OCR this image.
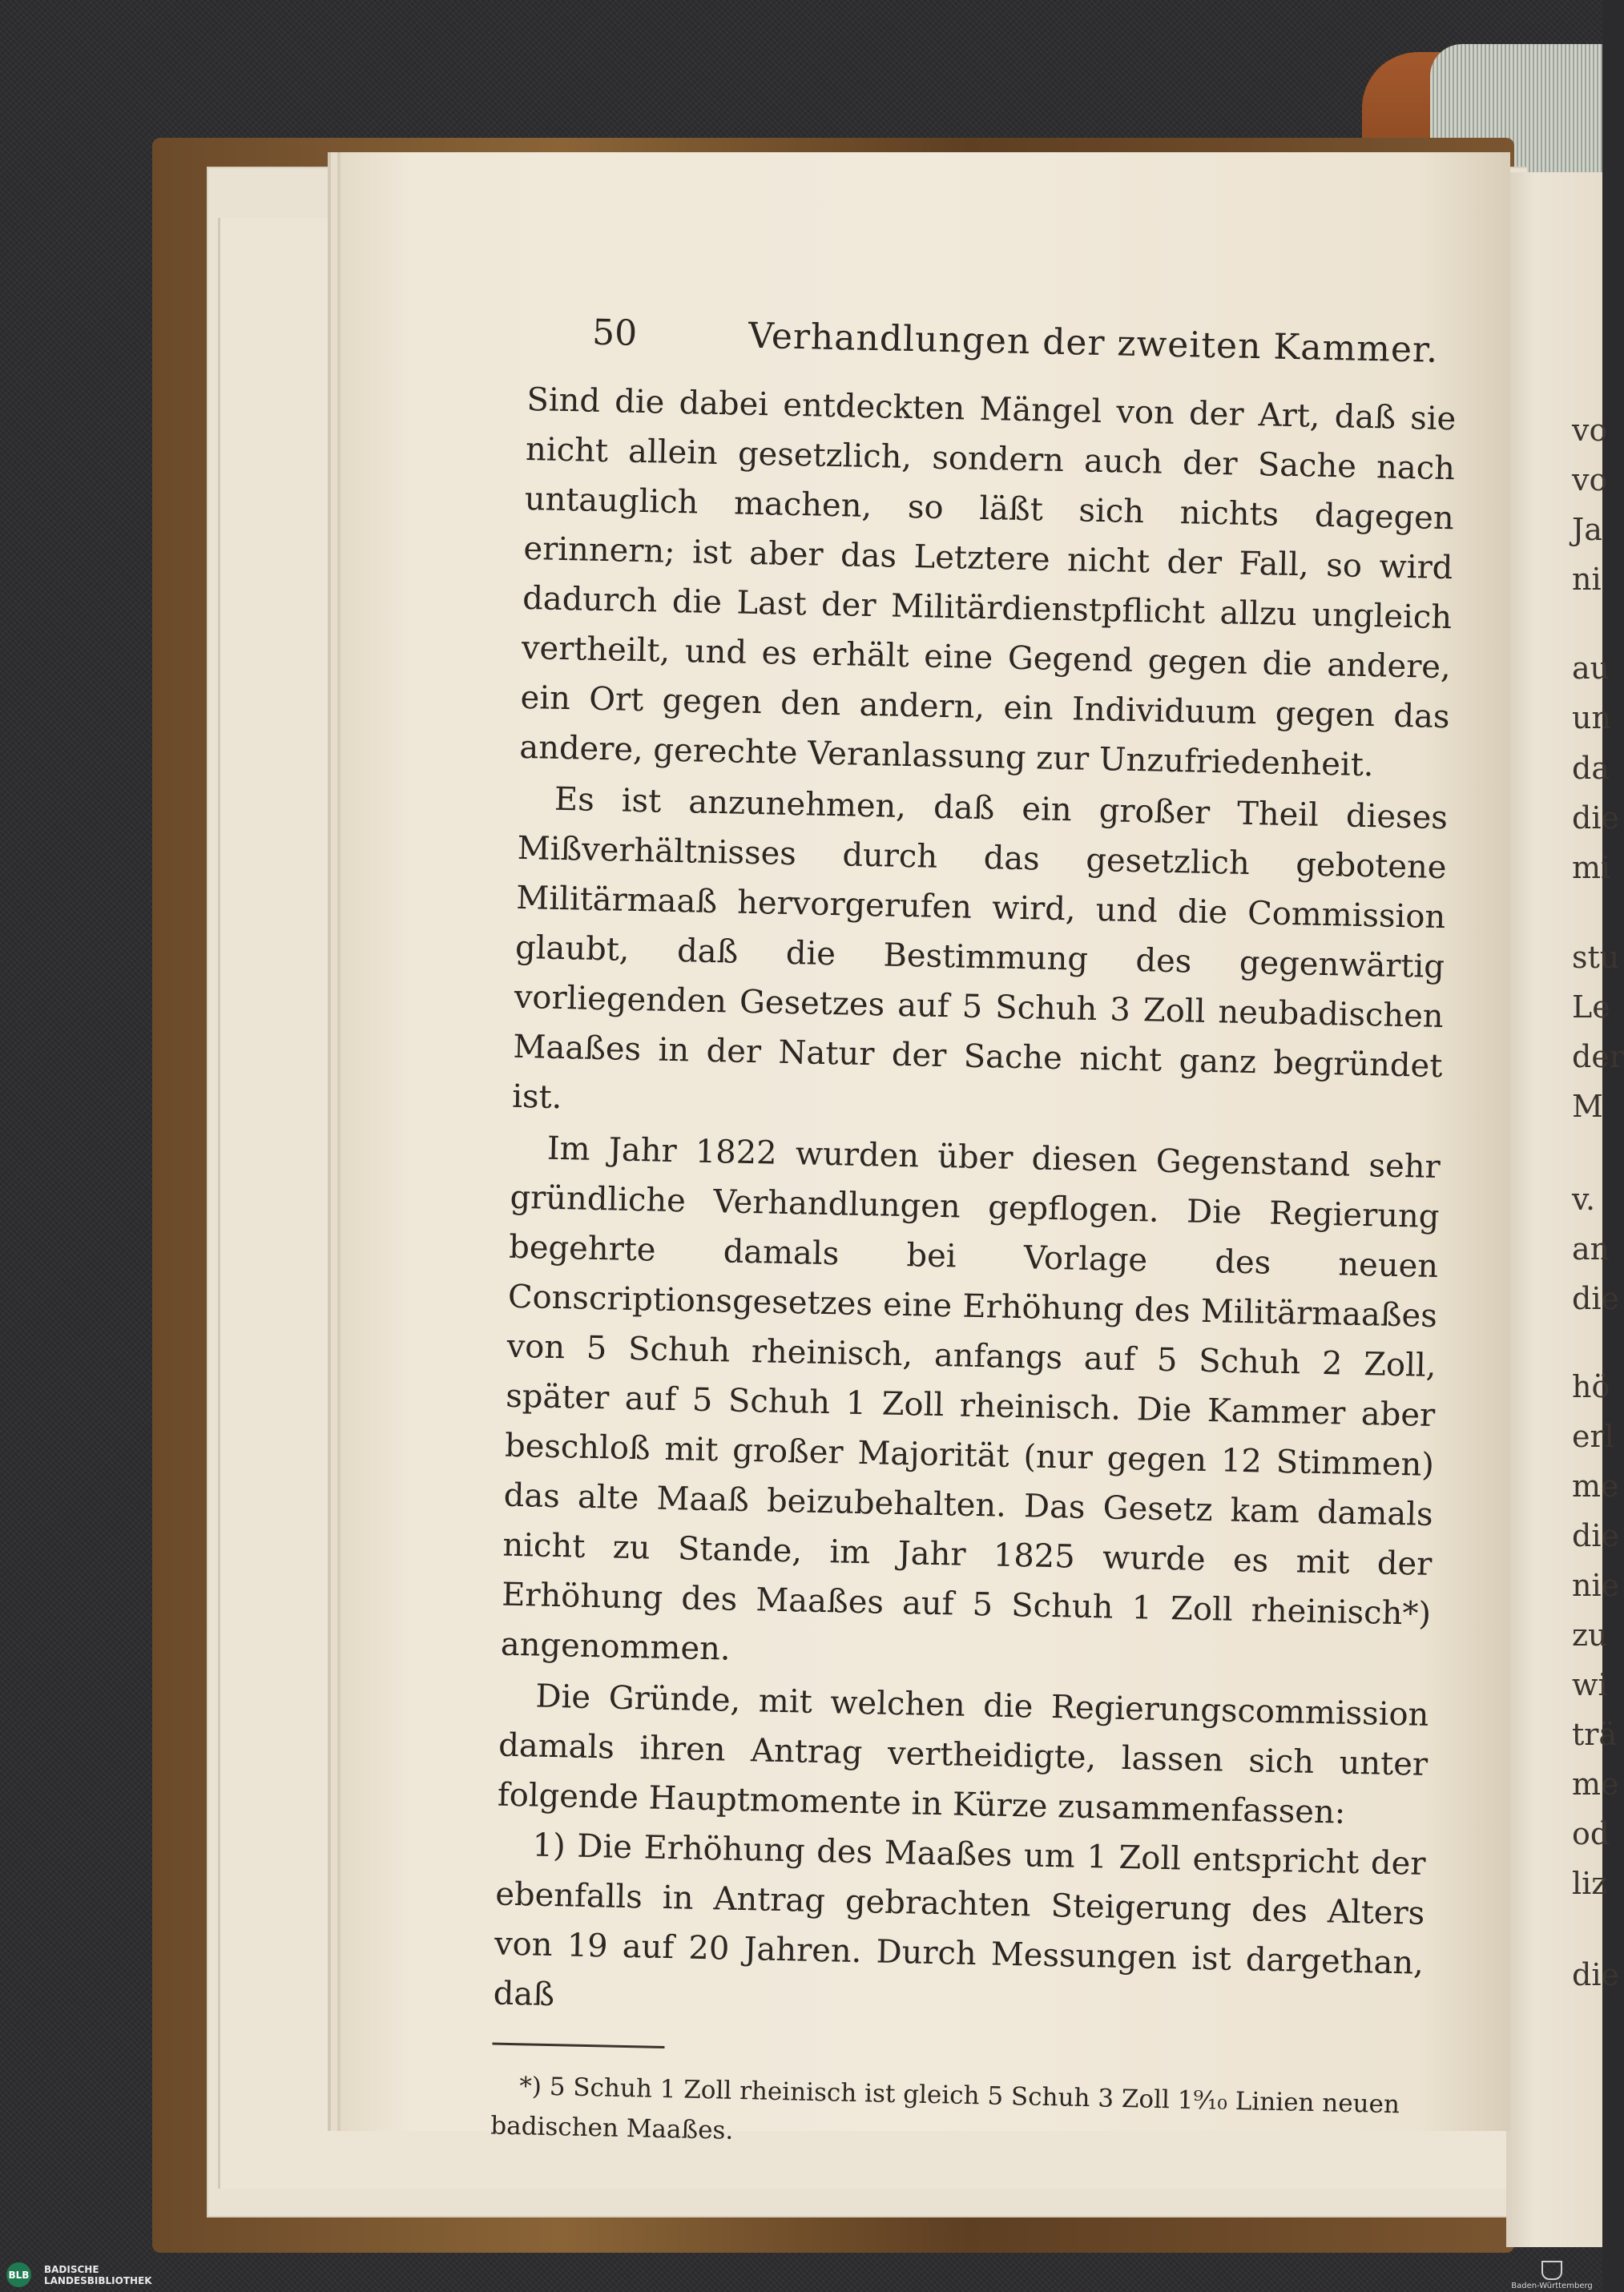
vo
vo
Ja
ni
au
un
da
die
mi
stu
Le
der
M
v.
an
die
hö
erl
me
die
nie
zu
wi
trä
me
od
liz
die
50	Verhandlungen der zweiten Kammer.

Sind die dabei entdeckten Mängel von der Art, daß sie nicht allein gesetzlich, sondern auch der Sache nach untauglich machen, so läßt sich nichts dagegen erinnern; ist aber das Letztere nicht der Fall, so wird dadurch die Last der Militärdienstpflicht allzu ungleich vertheilt, und es erhält eine Gegend gegen die andere, ein Ort gegen den andern, ein Individuum gegen das andere, gerechte Veranlassung zur Unzufriedenheit.

Es ist anzunehmen, daß ein großer Theil dieses Mißverhältnisses durch das gesetzlich gebotene Militärmaaß hervorgerufen wird, und die Commission glaubt, daß die Bestimmung des gegenwärtig vorliegenden Gesetzes auf 5 Schuh 3 Zoll neubadischen Maaßes in der Natur der Sache nicht ganz begründet ist.

Im Jahr 1822 wurden über diesen Gegenstand sehr gründliche Verhandlungen gepflogen. Die Regierung begehrte damals bei Vorlage des neuen Conscriptionsgesetzes eine Erhöhung des Militärmaaßes von 5 Schuh rheinisch, anfangs auf 5 Schuh 2 Zoll, später auf 5 Schuh 1 Zoll rheinisch. Die Kammer aber beschloß mit großer Majorität (nur gegen 12 Stimmen) das alte Maaß beizubehalten. Das Gesetz kam damals nicht zu Stande, im Jahr 1825 wurde es mit der Erhöhung des Maaßes auf 5 Schuh 1 Zoll rheinisch*) angenommen.

Die Gründe, mit welchen die Regierungscommission damals ihren Antrag vertheidigte, lassen sich unter folgende Hauptmomente in Kürze zusammenfassen:

1) Die Erhöhung des Maaßes um 1 Zoll entspricht der ebenfalls in Antrag gebrachten Steigerung des Alters von 19 auf 20 Jahren. Durch Messungen ist dargethan, daß

*) 5 Schuh 1 Zoll rheinisch ist gleich 5 Schuh 3 Zoll 1⁹⁄₁₀ Linien neuen badischen Maaßes.

BLB BADISCHE
LANDESBIBLIOTHEK	Baden-Württemberg
